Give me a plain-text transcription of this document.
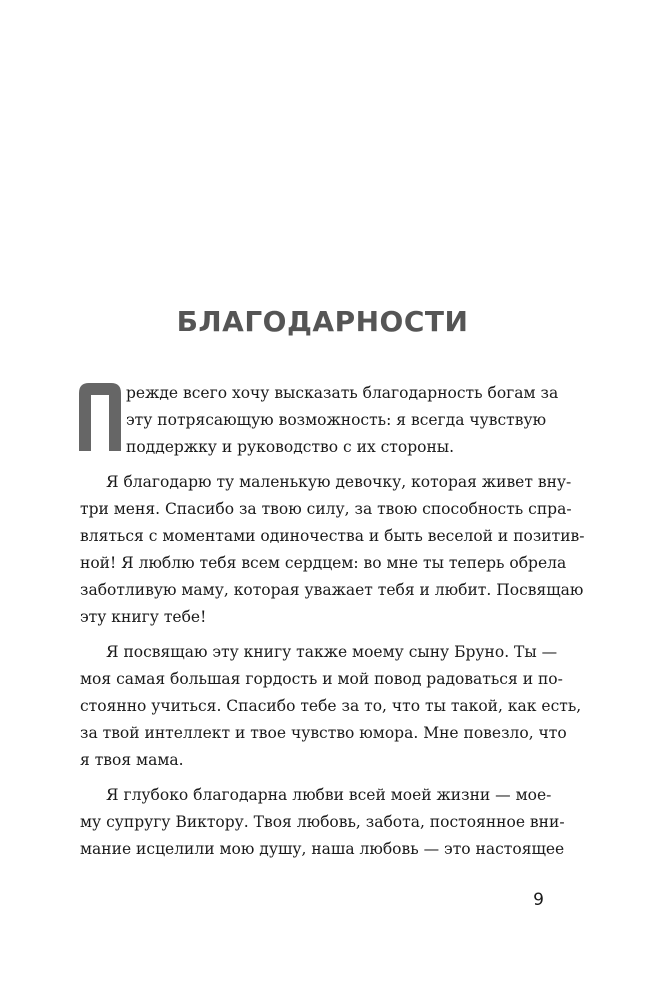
БЛАГОДАРНОСТИ
режде всего хочу высказать благодарность богам за
эту потрясающую возможность: я всегда чувствую
поддержку и руководство с их стороны.
Я благодарю ту маленькую девочку, которая живет вну-
три меня. Спасибо за твою силу, за твою способность спра-
вляться с моментами одиночества и быть веселой и позитив-
ной! Я люблю тебя всем сердцем: во мне ты теперь обрела
заботливую маму, которая уважает тебя и любит. Посвящаю
эту книгу тебе!
Я посвящаю эту книгу также моему сыну Бруно. Ты —
моя самая большая гордость и мой повод радоваться и по-
стоянно учиться. Спасибо тебе за то, что ты такой, как есть,
за твой интеллект и твое чувство юмора. Мне повезло, что
я твоя мама.
Я глубоко благодарна любви всей моей жизни — моe-
му супругу Виктору. Твоя любовь, забота, постоянное вни-
мание исцелили мою душу, наша любовь — это настоящее
9
